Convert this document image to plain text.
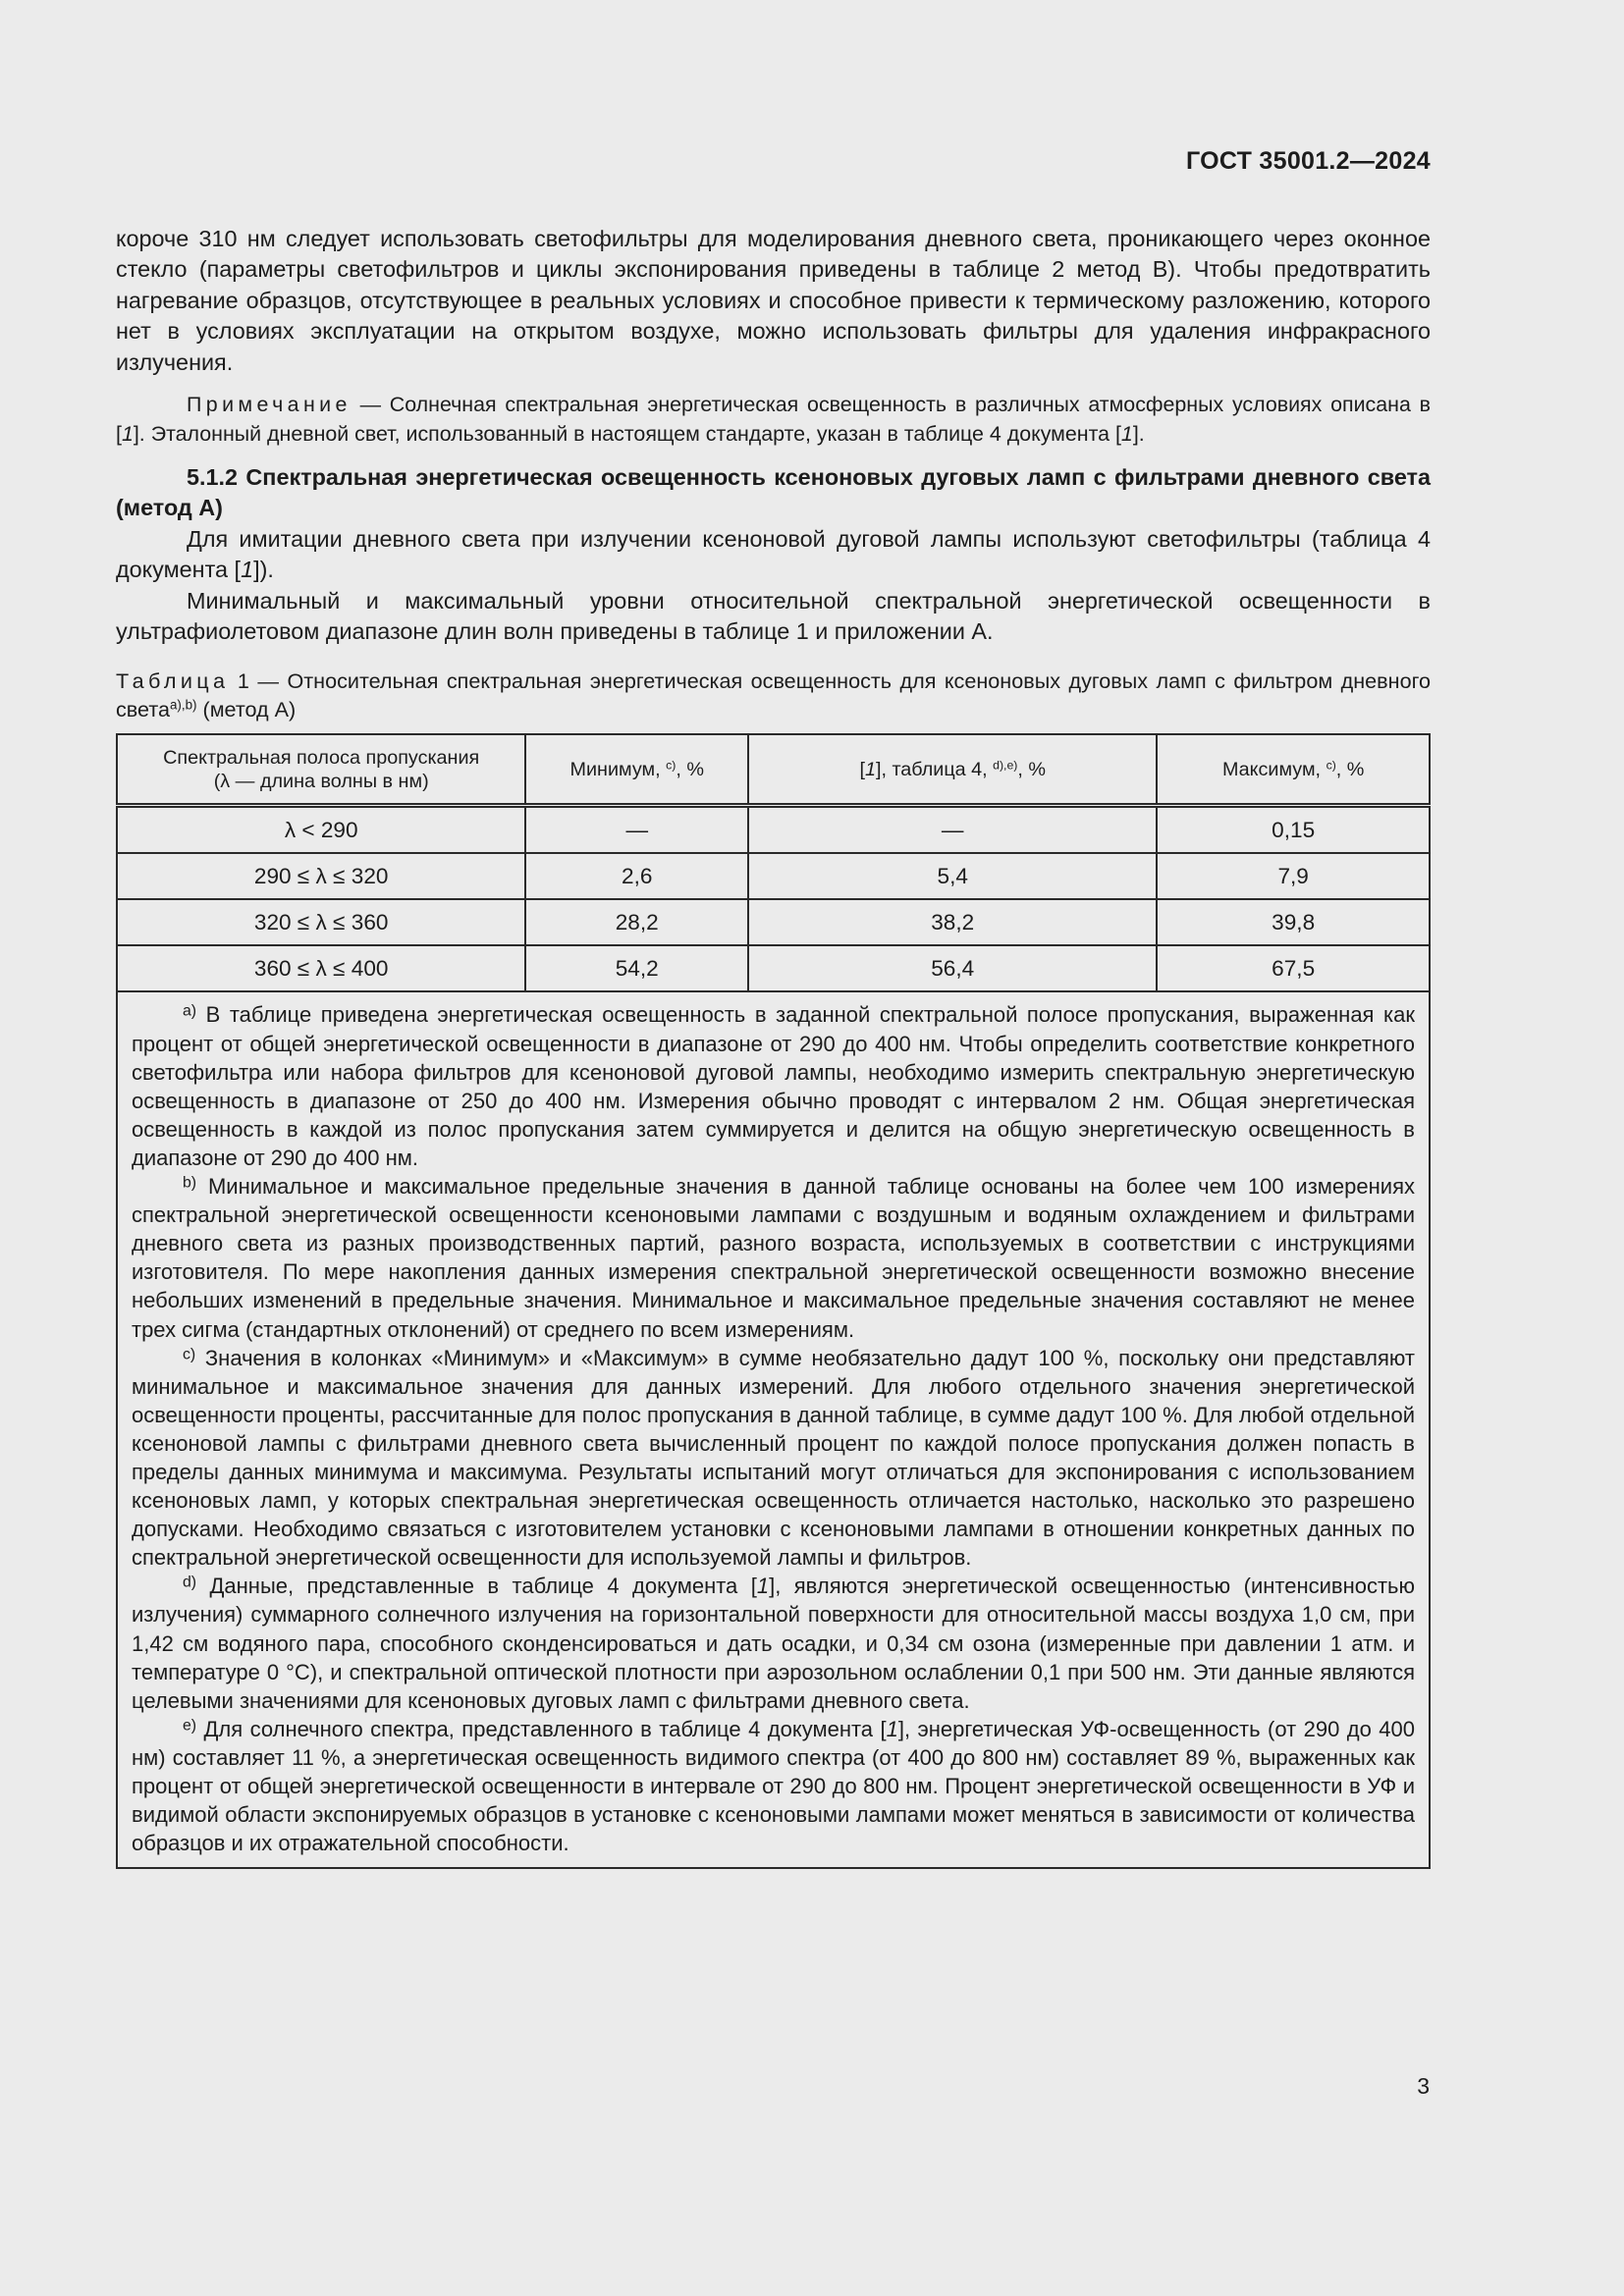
ГОСТ 35001.2—2024

короче 310 нм следует использовать светофильтры для моделирования дневного света, проникающего через оконное стекло (параметры светофильтров и циклы экспонирования приведены в таблице 2 метод В). Чтобы предотвратить нагревание образцов, отсутствующее в реальных условиях и способное привести к термическому разложению, которого нет в условиях эксплуатации на открытом воздухе, можно использовать фильтры для удаления инфракрасного излучения.

Примечание — Солнечная спектральная энергетическая освещенность в различных атмосферных условиях описана в [1]. Эталонный дневной свет, использованный в настоящем стандарте, указан в таблице 4 документа [1].

5.1.2 Спектральная энергетическая освещенность ксеноновых дуговых ламп с фильтрами дневного света (метод А)

Для имитации дневного света при излучении ксеноновой дуговой лампы используют светофильтры (таблица 4 документа [1]).

Минимальный и максимальный уровни относительной спектральной энергетической освещенности в ультрафиолетовом диапазоне длин волн приведены в таблице 1 и приложении А.

Таблица 1 — Относительная спектральная энергетическая освещенность для ксеноновых дуговых ламп с фильтром дневного света$^{a),b)}$ (метод А)

Спектральная полоса пропускания
(λ — длина волны в нм)	Минимум, $^{c)}$, %	[1], таблица 4, $^{d),e)}$, %	Максимум, $^{c)}$, %
λ < 290	—	—	0,15
290 ≤ λ ≤ 320	2,6	5,4	7,9
320 ≤ λ ≤ 360	28,2	38,2	39,8
360 ≤ λ ≤ 400	54,2	56,4	67,5

$^{a)}$ В таблице приведена энергетическая освещенность в заданной спектральной полосе пропускания, выраженная как процент от общей энергетической освещенности в диапазоне от 290 до 400 нм. Чтобы определить соответствие конкретного светофильтра или набора фильтров для ксеноновой дуговой лампы, необходимо измерить спектральную энергетическую освещенность в диапазоне от 250 до 400 нм. Измерения обычно проводят с интервалом 2 нм. Общая энергетическая освещенность в каждой из полос пропускания затем суммируется и делится на общую энергетическую освещенность в диапазоне от 290 до 400 нм.

$^{b)}$ Минимальное и максимальное предельные значения в данной таблице основаны на более чем 100 измерениях спектральной энергетической освещенности ксеноновыми лампами с воздушным и водяным охлаждением и фильтрами дневного света из разных производственных партий, разного возраста, используемых в соответствии с инструкциями изготовителя. По мере накопления данных измерения спектральной энергетической освещенности возможно внесение небольших изменений в предельные значения. Минимальное и максимальное предельные значения составляют не менее трех сигма (стандартных отклонений) от среднего по всем измерениям.

$^{c)}$ Значения в колонках «Минимум» и «Максимум» в сумме необязательно дадут 100 %, поскольку они представляют минимальное и максимальное значения для данных измерений. Для любого отдельного значения энергетической освещенности проценты, рассчитанные для полос пропускания в данной таблице, в сумме дадут 100 %. Для любой отдельной ксеноновой лампы с фильтрами дневного света вычисленный процент по каждой полосе пропускания должен попасть в пределы данных минимума и максимума. Результаты испытаний могут отличаться для экспонирования с использованием ксеноновых ламп, у которых спектральная энергетическая освещенность отличается настолько, насколько это разрешено допусками. Необходимо связаться с изготовителем установки с ксеноновыми лампами в отношении конкретных данных по спектральной энергетической освещенности для используемой лампы и фильтров.

$^{d)}$ Данные, представленные в таблице 4 документа [1], являются энергетической освещенностью (интенсивностью излучения) суммарного солнечного излучения на горизонтальной поверхности для относительной массы воздуха 1,0 см, при 1,42 см водяного пара, способного сконденсироваться и дать осадки, и 0,34 см озона (измеренные при давлении 1 атм. и температуре 0 °C), и спектральной оптической плотности при аэрозольном ослаблении 0,1 при 500 нм. Эти данные являются целевыми значениями для ксеноновых дуговых ламп с фильтрами дневного света.

$^{e)}$ Для солнечного спектра, представленного в таблице 4 документа [1], энергетическая УФ-освещенность (от 290 до 400 нм) составляет 11 %, а энергетическая освещенность видимого спектра (от 400 до 800 нм) составляет 89 %, выраженных как процент от общей энергетической освещенности в интервале от 290 до 800 нм. Процент энергетической освещенности в УФ и видимой области экспонируемых образцов в установке с ксеноновыми лампами может меняться в зависимости от количества образцов и их отражательной способности.			

3
